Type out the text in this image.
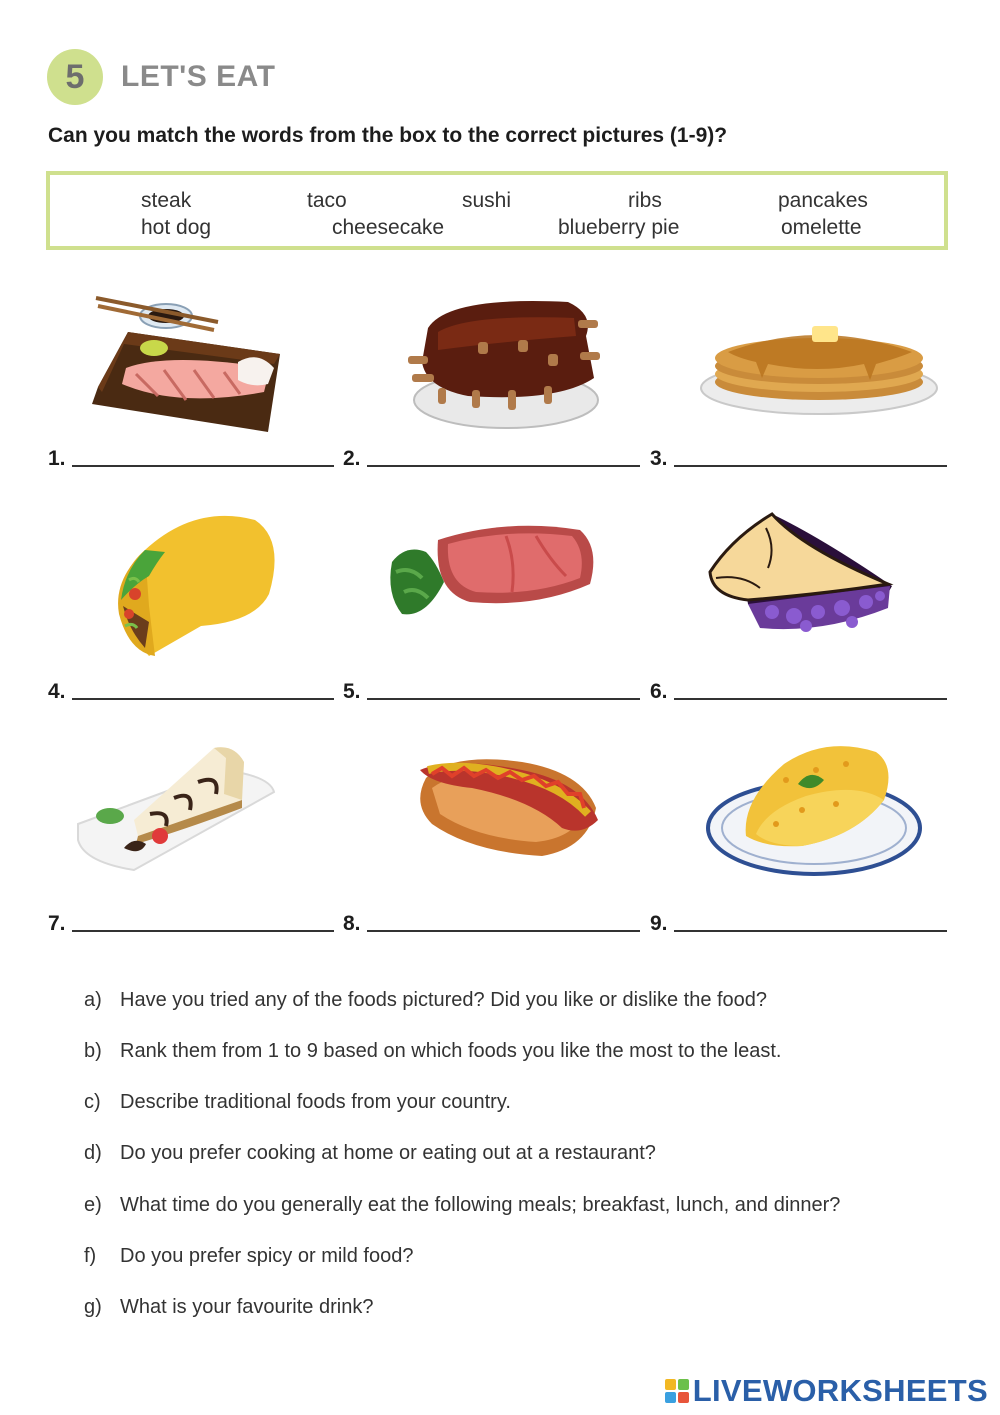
5	LET'S EAT
Can you match the words from the box to the correct pictures (1-9)?
steak	taco	sushi	ribs	pancakes
hot dog	cheesecake	blueberry pie	omelette
1.	2.	3.
4.	5.	6.
7.	8.	9.
a) Have you tried any of the foods pictured? Did you like or dislike the food?
b) Rank them from 1 to 9 based on which foods you like the most to the least.
c) Describe traditional foods from your country.
d) Do you prefer cooking at home or eating out at a restaurant?
e) What time do you generally eat the following meals; breakfast, lunch, and dinner?
f) Do you prefer spicy or mild food?
g) What is your favourite drink?
LIVEWORKSHEETS
